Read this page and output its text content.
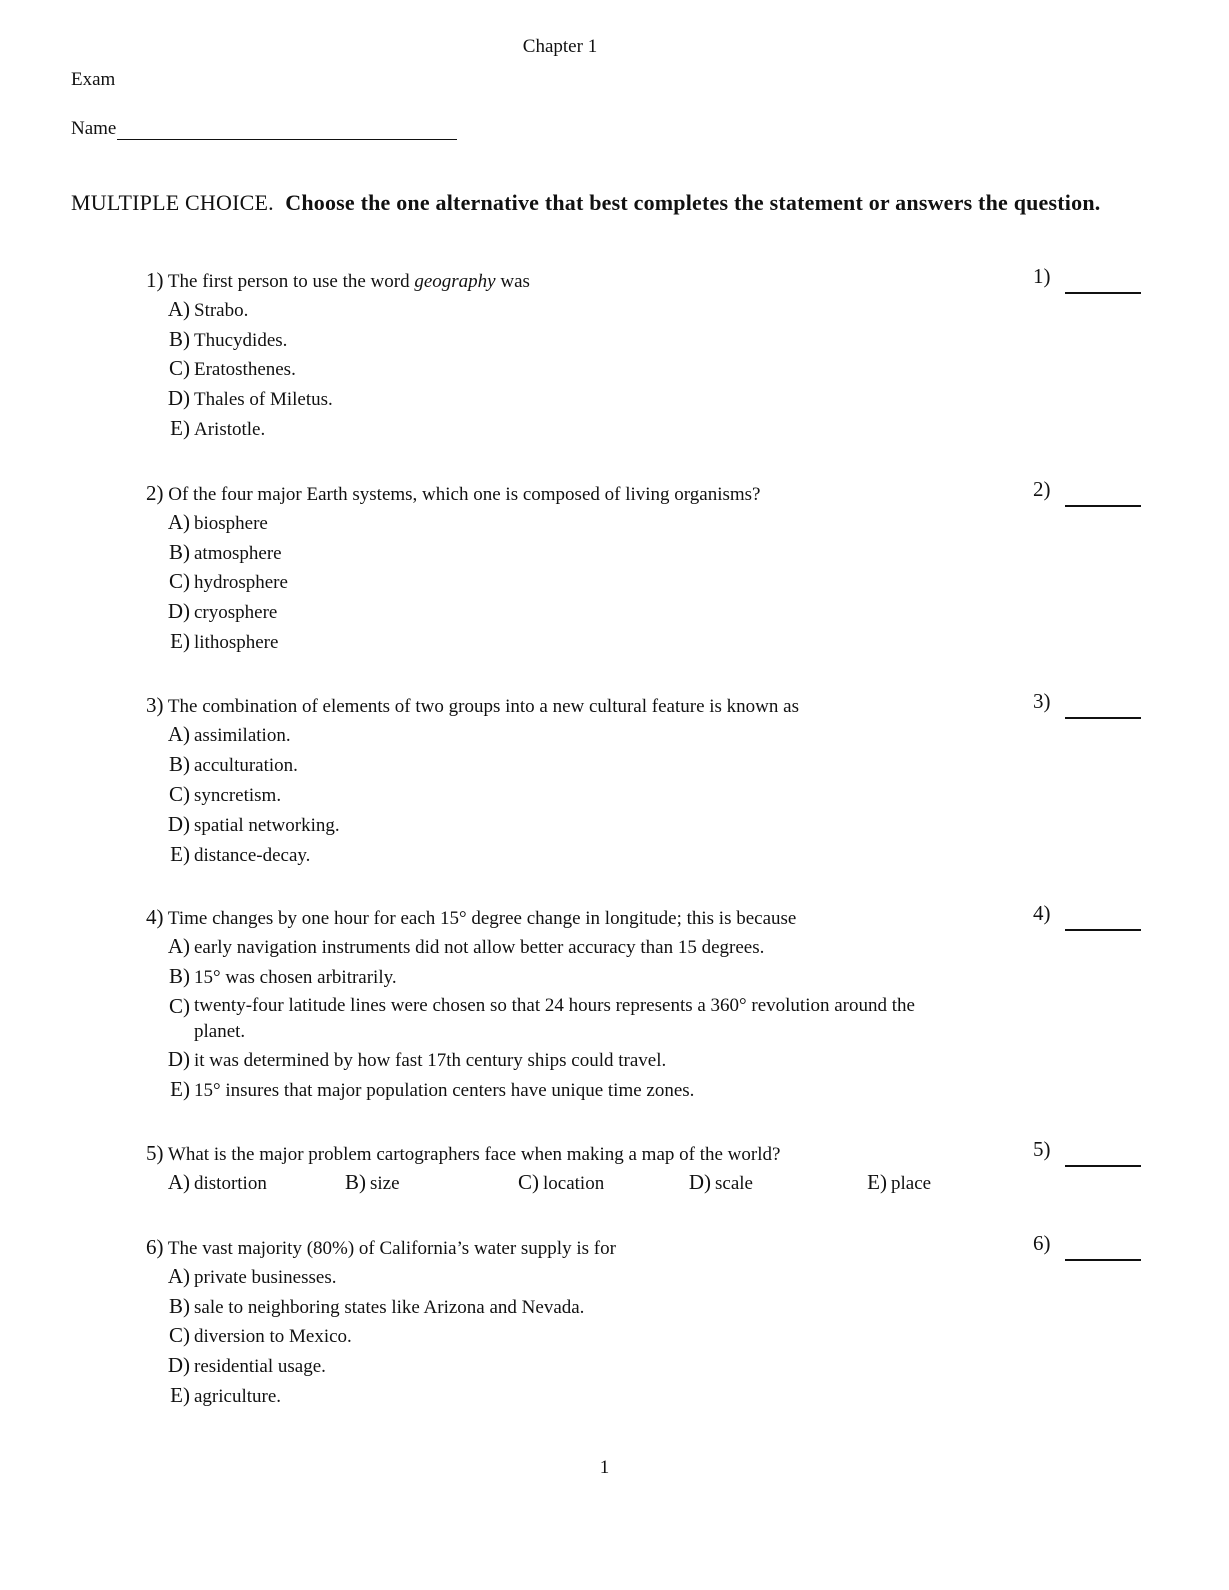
Chapter 1
Exam
Name
MULTIPLE CHOICE. Choose the one alternative that best completes the statement or answers the question.
1) The first person to use the word geography was	1)
A) Strabo.
B) Thucydides.
C) Eratosthenes.
D) Thales of Miletus.
E) Aristotle.
2) Of the four major Earth systems, which one is composed of living organisms?	2)
A) biosphere
B) atmosphere
C) hydrosphere
D) cryosphere
E) lithosphere
3) The combination of elements of two groups into a new cultural feature is known as	3)
A) assimilation.
B) acculturation.
C) syncretism.
D) spatial networking.
E) distance-decay.
4) Time changes by one hour for each 15° degree change in longitude; this is because	4)
A) early navigation instruments did not allow better accuracy than 15 degrees.
B) 15° was chosen arbitrarily.
C) twenty-four latitude lines were chosen so that 24 hours represents a 360° revolution around the planet.
D) it was determined by how fast 17th century ships could travel.
E) 15° insures that major population centers have unique time zones.
5) What is the major problem cartographers face when making a map of the world?	5)
A) distortion	B) size	C) location	D) scale	E) place
6) The vast majority (80%) of California’s water supply is for	6)
A) private businesses.
B) sale to neighboring states like Arizona and Nevada.
C) diversion to Mexico.
D) residential usage.
E) agriculture.
1
